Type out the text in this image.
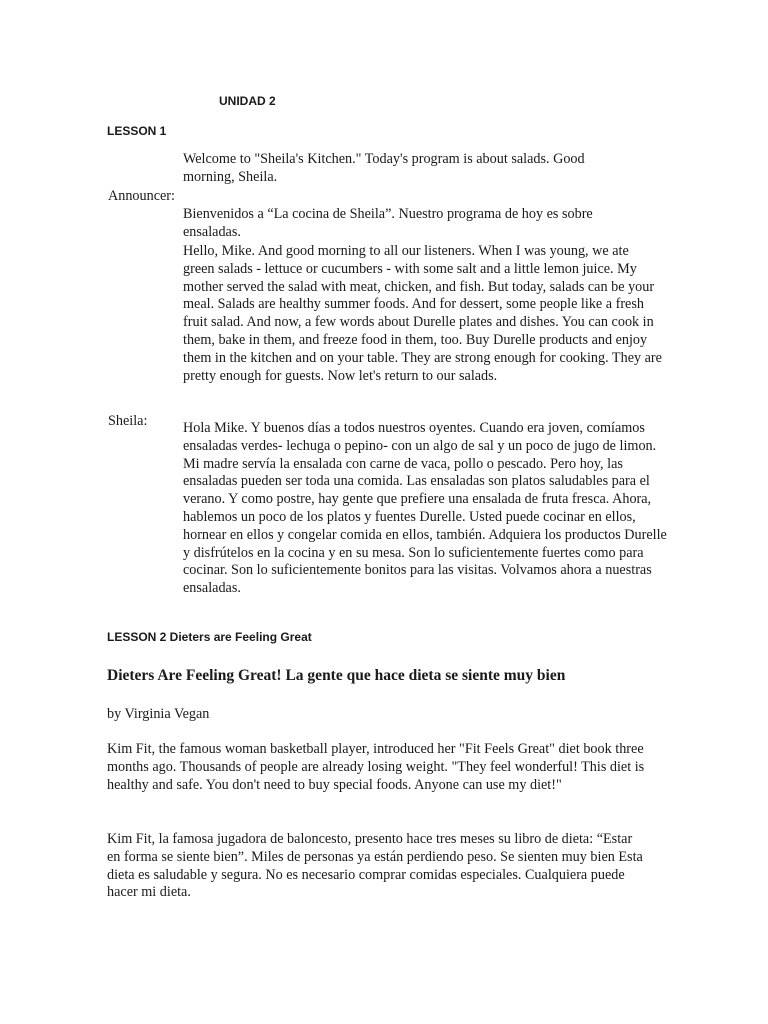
UNIDAD 2
LESSON 1

Welcome to "Sheila's Kitchen." Today's program is about salads. Good morning, Sheila.

Announcer:

Bienvenidos a “La cocina de Sheila”. Nuestro programa de hoy es sobre ensaladas.

Hello, Mike. And good morning to all our listeners. When I was young, we ate green salads - lettuce or cucumbers - with some salt and a little lemon juice. My mother served the salad with meat, chicken, and fish. But today, salads can be your meal. Salads are healthy summer foods. And for dessert, some people like a fresh fruit salad. And now, a few words about Durelle plates and dishes. You can cook in them, bake in them, and freeze food in them, too. Buy Durelle products and enjoy them in the kitchen and on your table. They are strong enough for cooking. They are pretty enough for guests. Now let's return to our salads.

Sheila:	Hola Mike. Y buenos días a todos nuestros oyentes. Cuando era joven, comíamos ensaladas verdes- lechuga o pepino- con un algo de sal y un poco de jugo de limon. Mi madre servía la ensalada con carne de vaca, pollo o pescado. Pero hoy, las ensaladas pueden ser toda una comida. Las ensaladas son platos saludables para el verano. Y como postre, hay gente que prefiere una ensalada de fruta fresca. Ahora, hablemos un poco de los platos y fuentes Durelle. Usted puede cocinar en ellos, hornear en ellos y congelar comida en ellos, también. Adquiera los productos Durelle y disfrútelos en la cocina y en su mesa. Son lo suficientemente fuertes como para cocinar. Son lo suficientemente bonitos para las visitas. Volvamos ahora a nuestras ensaladas.

LESSON 2 Dieters are Feeling Great
Dieters Are Feeling Great! La gente que hace dieta se siente muy bien
by Virginia Vegan

Kim Fit, the famous woman basketball player, introduced her "Fit Feels Great" diet book three months ago. Thousands of people are already losing weight. "They feel wonderful! This diet is healthy and safe. You don't need to buy special foods. Anyone can use my diet!"

Kim Fit, la famosa jugadora de baloncesto, presento hace tres meses su libro de dieta: “Estar en forma se siente bien”. Miles de personas ya están perdiendo peso. Se sienten muy bien Esta dieta es saludable y segura. No es necesario comprar comidas especiales. Cualquiera puede hacer mi dieta.
